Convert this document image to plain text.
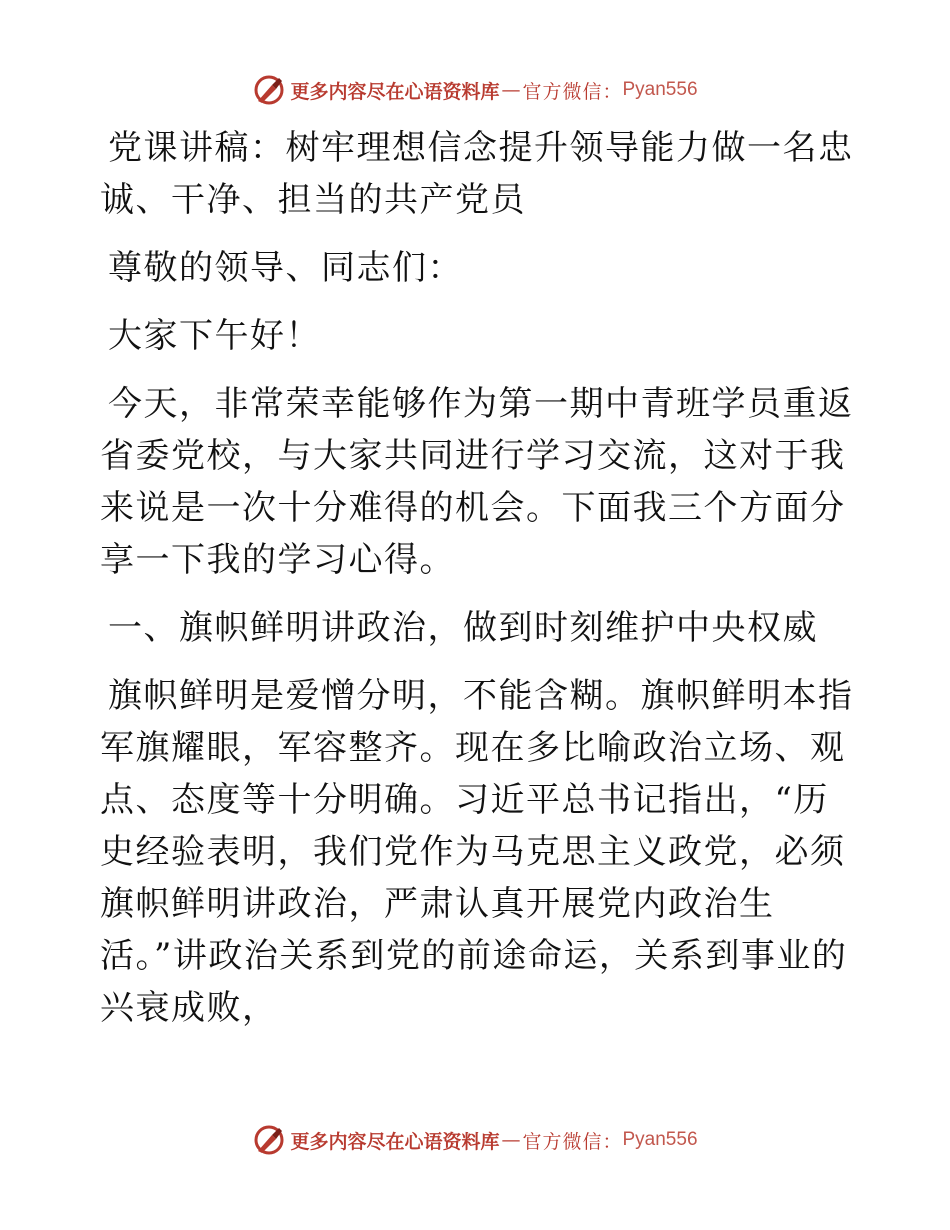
更多内容尽在心语资料库 — 官方微信： Pyan556

党课讲稿：树牢理想信念提升领导能力做一名忠诚、干净、担当的共产党员

尊敬的领导、同志们：

大家下午好！

今天，非常荣幸能够作为第一期中青班学员重返省委党校，与大家共同进行学习交流，这对于我来说是一次十分难得的机会。下面我三个方面分享一下我的学习心得。

一、旗帜鲜明讲政治，做到时刻维护中央权威

旗帜鲜明是爱憎分明，不能含糊。旗帜鲜明本指军旗耀眼，军容整齐。现在多比喻政治立场、观点、态度等十分明确。习近平总书记指出，“历史经验表明，我们党作为马克思主义政党，必须旗帜鲜明讲政治，严肃认真开展党内政治生活。”讲政治关系到党的前途命运，关系到事业的兴衰成败，

更多内容尽在心语资料库 — 官方微信： Pyan556
